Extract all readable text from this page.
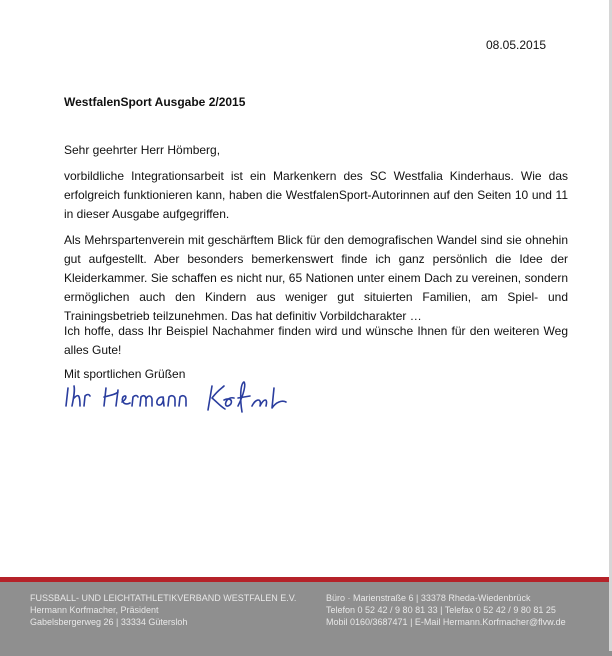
08.05.2015
WestfalenSport Ausgabe 2/2015
Sehr geehrter Herr Hömberg,
vorbildliche Integrationsarbeit ist ein Markenkern des SC Westfalia Kinderhaus. Wie das erfolgreich funktionieren kann, haben die WestfalenSport-Autorinnen auf den Seiten 10 und 11 in dieser Ausgabe aufgegriffen.
Als Mehrspartenverein mit geschärftem Blick für den demografischen Wandel sind sie ohnehin gut aufgestellt. Aber besonders bemerkenswert finde ich ganz persönlich die Idee der Kleiderkammer. Sie schaffen es nicht nur, 65 Nationen unter einem Dach zu vereinen, sondern ermöglichen auch den Kindern aus weniger gut situierten Familien, am Spiel- und Trainingsbetrieb teilzunehmen. Das hat definitiv Vorbildcharakter …
Ich hoffe, dass Ihr Beispiel Nachahmer finden wird und wünsche Ihnen für den weiteren Weg alles Gute!
Mit sportlichen Grüßen
FUSSBALL- UND LEICHTATHLETIKVERBAND WESTFALEN E.V.
Hermann Korfmacher, Präsident
Gabelsbergerweg 26 | 33334 Gütersloh
Büro · Marienstraße 6 | 33378 Rheda-Wiedenbrück
Telefon 0 52 42 / 9 80 81 33 | Telefax 0 52 42 / 9 80 81 25
Mobil 0160/3687471 | E-Mail Hermann.Korfmacher@flvw.de
